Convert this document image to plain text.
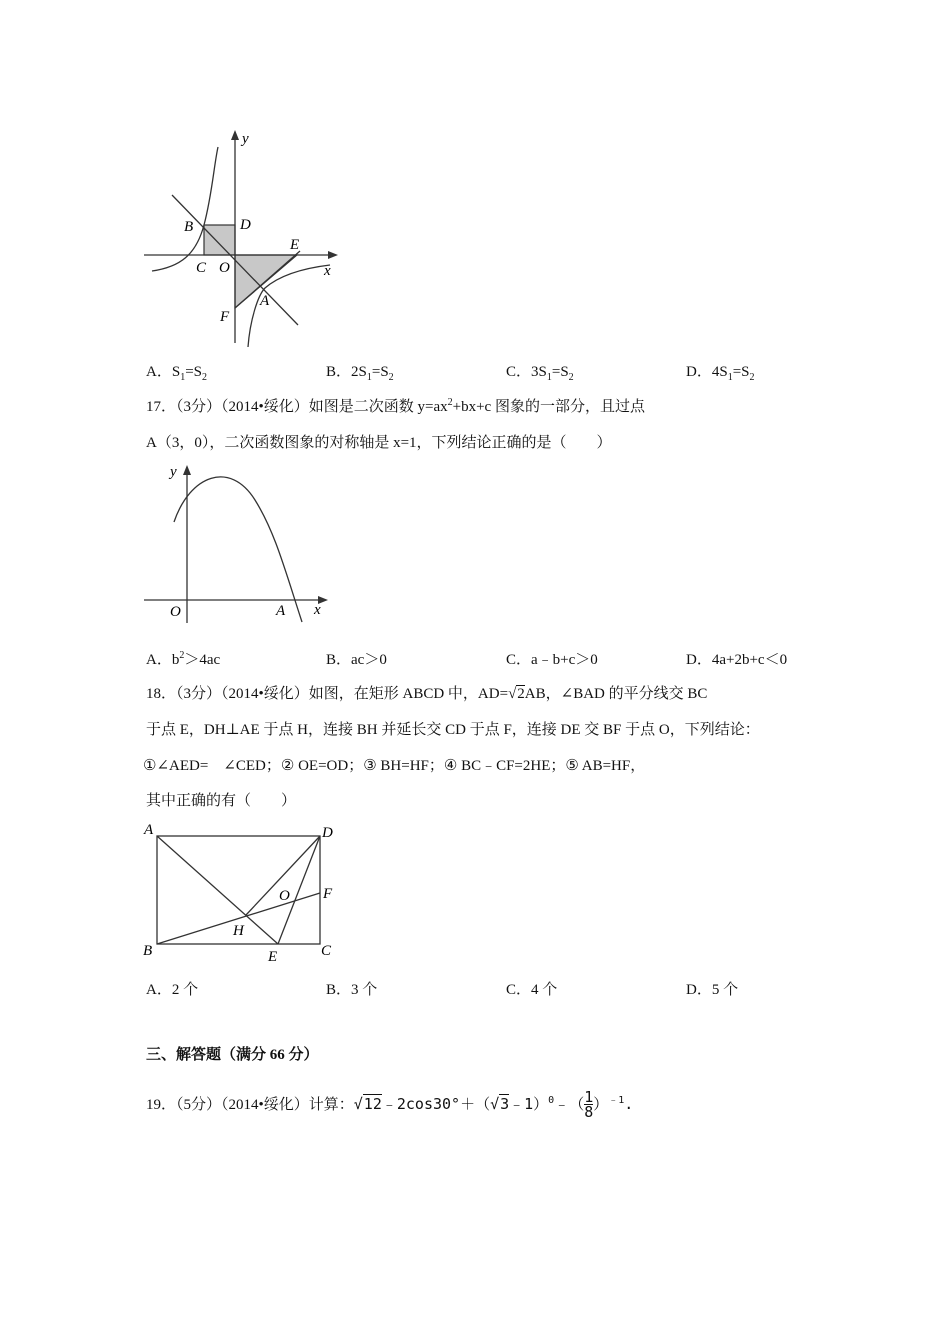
y
x
B	D
C O
E
A
F
A．$S_1=S_2$	B．$2S_1=S_2$	C．$3S_1=S_2$	D．$4S_1=S_2$
17．（3分）（2014•绥化）如图是二次函数 $y=ax^2+bx+c$ 图象的一部分，且过点
A（3，0），二次函数图象的对称轴是 x=1，下列结论正确的是（　　）
y
x
O	A
A．$b^2>4ac$	B．ac＞0	C．a﹣b+c＞0	D．4a+2b+c＜0
18．（3分）（2014•绥化）如图，在矩形 ABCD 中，AD=√2AB，∠BAD 的平分线交 BC
于点 E，DH⊥AE 于点 H，连接 BH 并延长交 CD 于点 F，连接 DE 交 BF 于点 O，下列结论：
①∠AED= ∠CED；② OE=OD；③ BH=HF；④ BC﹣CF=2HE；⑤ AB=HF，
其中正确的有（　　）
A	D
O F
H
B	E	C
A．2 个	B．3 个	C．4 个	D．5 个
三、解答题（满分 66 分）
19．（5分）（2014•绥化）计算：√12﹣2cos30°＋（√3﹣1）$^0$﹣（ $\frac{1}{8} )^{﹣1}$.
